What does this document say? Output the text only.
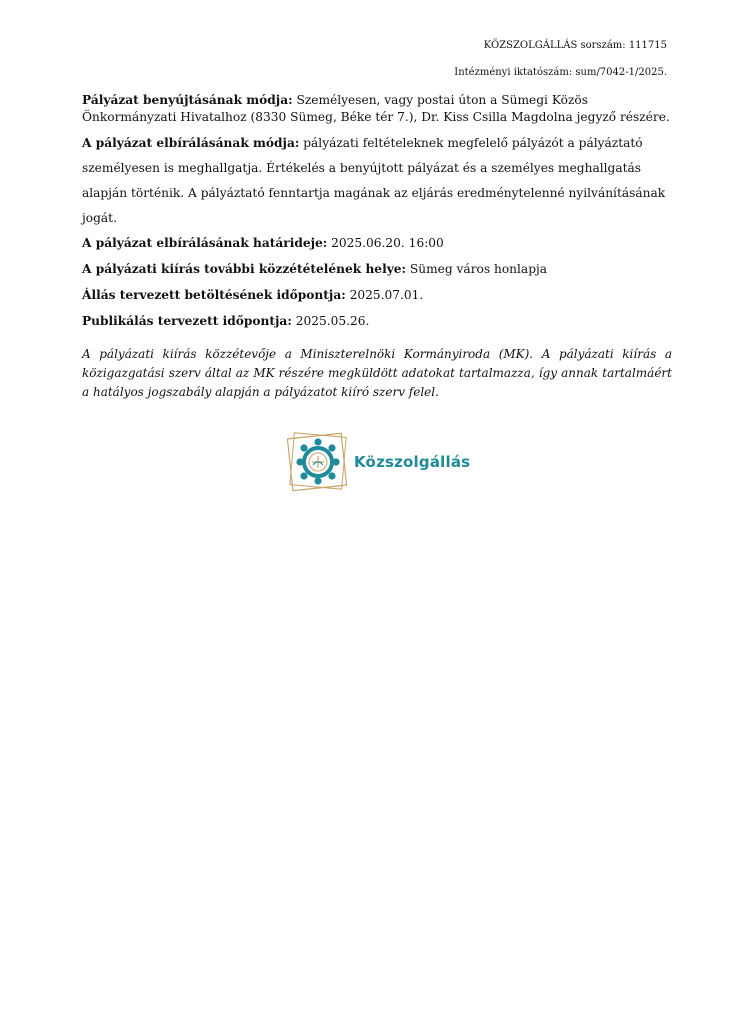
KÖZSZOLGÁLLÁS sorszám: 111715
Intézményi iktatószám: sum/7042-1/2025.

Pályázat benyújtásának módja: Személyesen, vagy postai úton a Sümegi Közös Önkormányzati Hivatalhoz (8330 Sümeg, Béke tér 7.), Dr. Kiss Csilla Magdolna jegyző részére.

A pályázat elbírálásának módja: pályázati feltételeknek megfelelő pályázót a pályáztató személyesen is meghallgatja. Értékelés a benyújtott pályázat és a személyes meghallgatás alapján történik. A pályáztató fenntartja magának az eljárás eredménytelenné nyilvánításának jogát.

A pályázat elbírálásának határideje: 2025.06.20. 16:00

A pályázati kiírás további közzétételének helye: Sümeg város honlapja

Állás tervezett betöltésének időpontja: 2025.07.01.

Publikálás tervezett időpontja: 2025.05.26.

A pályázati kiírás közzétevője a Miniszterelnöki Kormányiroda (MK). A pályázati kiírás a közigazgatási szerv által az MK részére megküldött adatokat tartalmazza, így annak tartalmáért a hatályos jogszabály alapján a pályázatot kiíró szerv felel.
Közszolgállás
